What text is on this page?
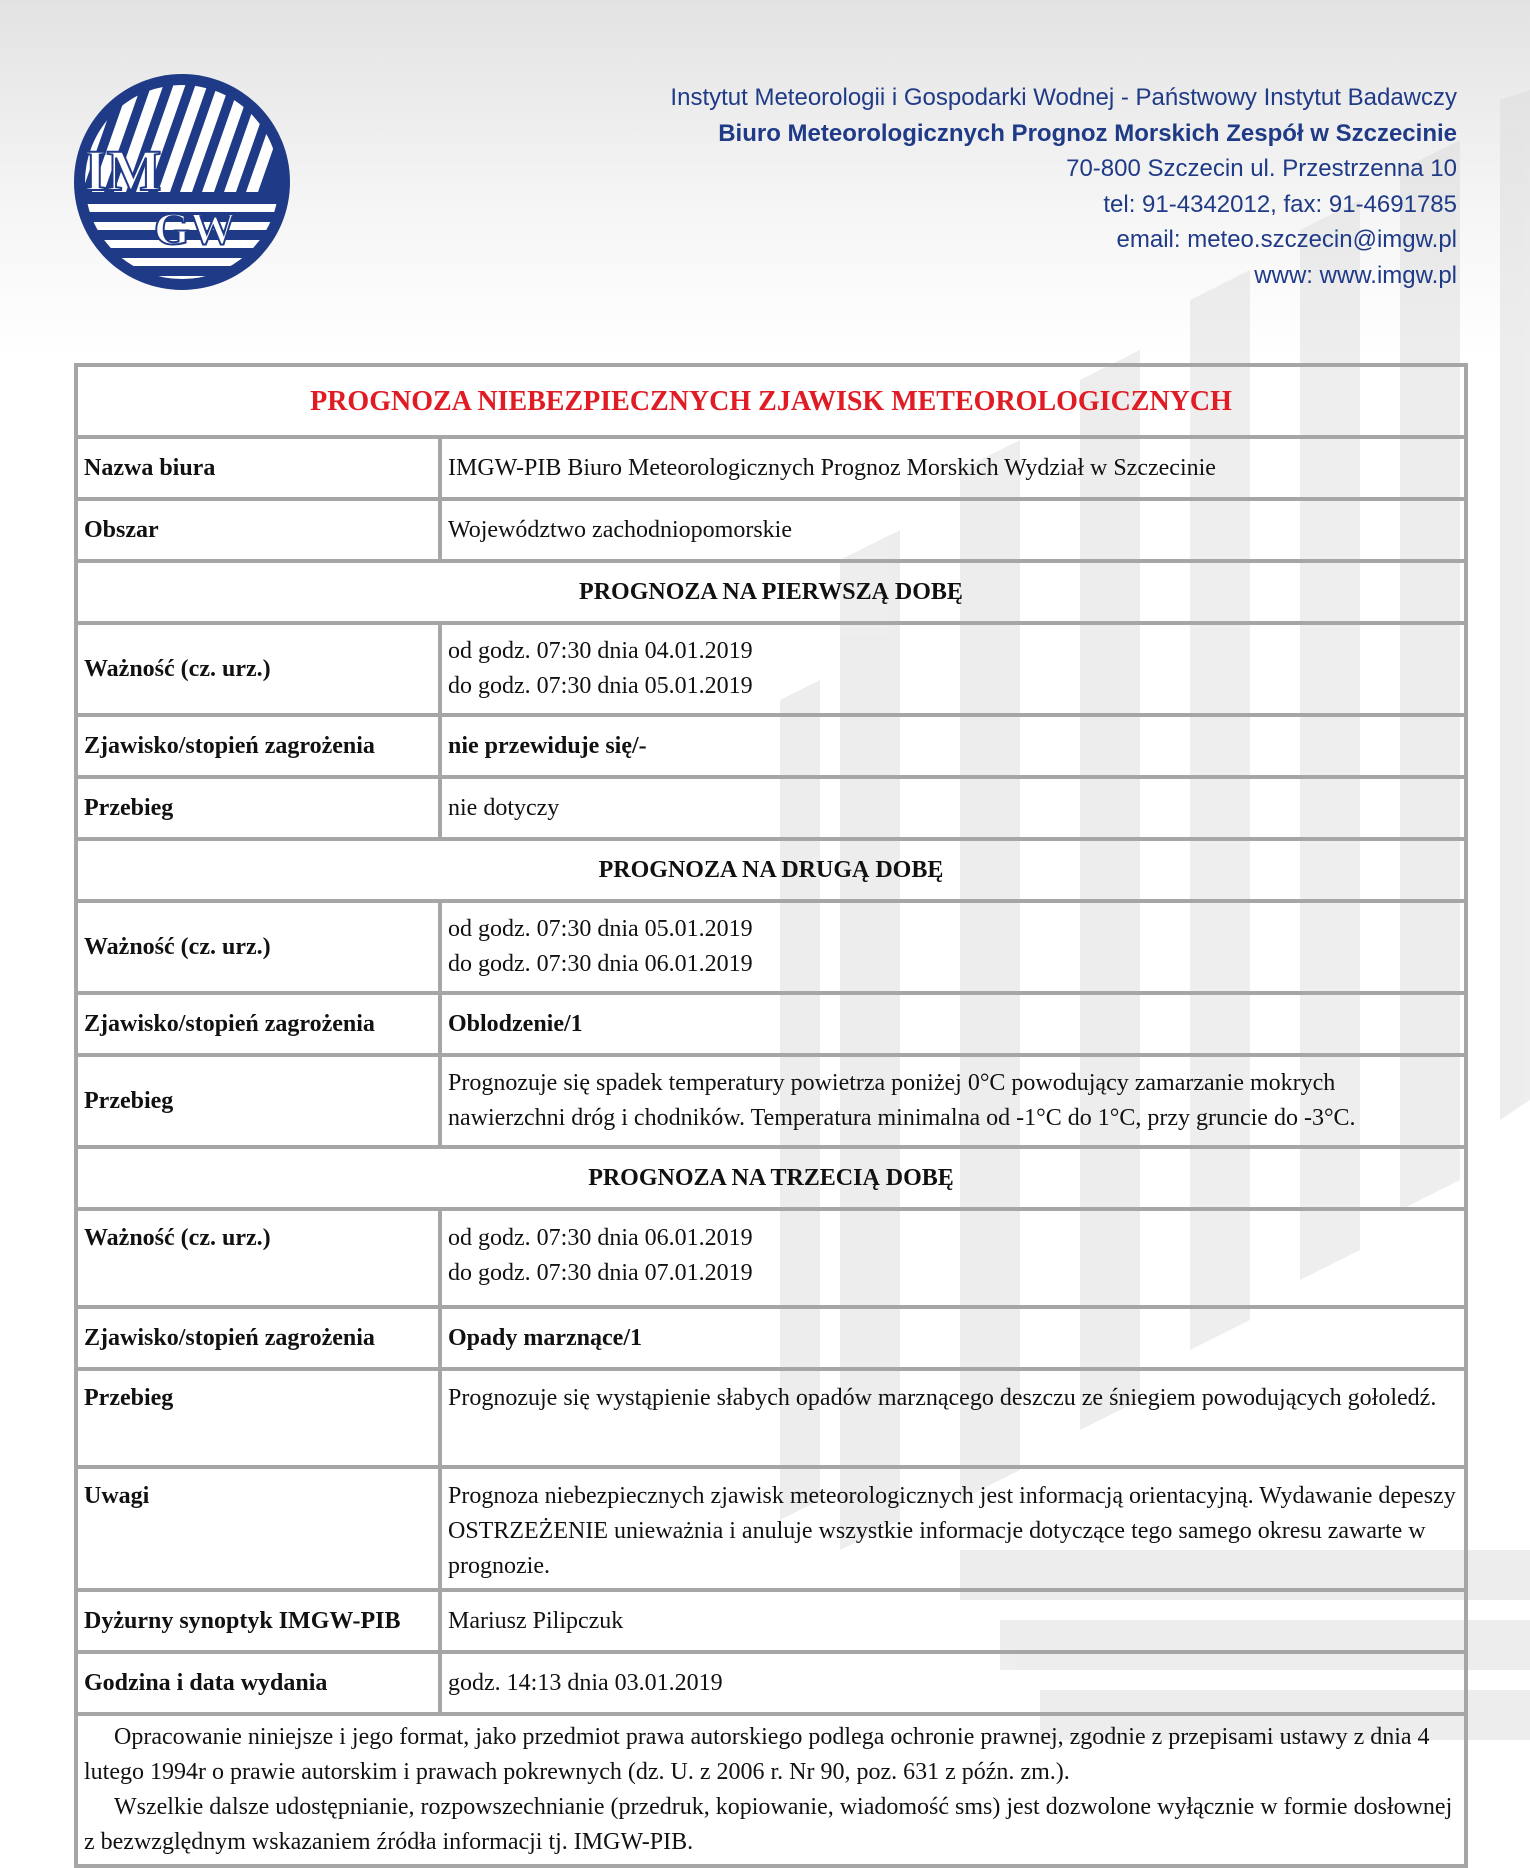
IM
GW
Instytut Meteorologii i Gospodarki Wodnej - Państwowy Instytut Badawczy
Biuro Meteorologicznych Prognoz Morskich Zespół w Szczecinie
70-800 Szczecin ul. Przestrzenna 10
tel: 91-4342012, fax: 91-4691785
email: meteo.szczecin@imgw.pl
www: www.imgw.pl
PROGNOZA NIEBEZPIECZNYCH ZJAWISK METEOROLOGICZNYCH	
Nazwa biura	IMGW-PIB Biuro Meteorologicznych Prognoz Morskich Wydział w Szczecinie
Obszar	Województwo zachodniopomorskie
PROGNOZA NA PIERWSZĄ DOBĘ	
Ważność (cz. urz.)	od godz. 07:30 dnia 04.01.2019
do godz. 07:30 dnia 05.01.2019

Zjawisko/stopień zagrożenia	nie przewiduje się/-
Przebieg	nie dotyczy
PROGNOZA NA DRUGĄ DOBĘ	
Ważność (cz. urz.)	od godz. 07:30 dnia 05.01.2019
do godz. 07:30 dnia 06.01.2019

Zjawisko/stopień zagrożenia	Oblodzenie/1
Przebieg	Prognozuje się spadek temperatury powietrza poniżej 0°C powodujący zamarzanie mokrych nawierzchni dróg i chodników. Temperatura minimalna od -1°C do 1°C, przy gruncie do -3°C.
PROGNOZA NA TRZECIĄ DOBĘ	
Ważność (cz. urz.)	od godz. 07:30 dnia 06.01.2019
do godz. 07:30 dnia 07.01.2019

Zjawisko/stopień zagrożenia	Opady marznące/1
Przebieg	Prognozuje się wystąpienie słabych opadów marznącego deszczu ze śniegiem powodujących gołoledź.
Uwagi	Prognoza niebezpiecznych zjawisk meteorologicznych jest informacją orientacyjną. Wydawanie depeszy OSTRZEŻENIE unieważnia i anuluje wszystkie informacje dotyczące tego samego okresu zawarte w prognozie.
Dyżurny synoptyk IMGW-PIB	Mariusz Pilipczuk
Godzina i data wydania	godz. 14:13 dnia 03.01.2019

Opracowanie niniejsze i jego format, jako przedmiot prawa autorskiego podlega ochronie prawnej, zgodnie z przepisami ustawy z dnia 4 lutego 1994r o prawie autorskim i prawach pokrewnych (dz. U. z 2006 r. Nr 90, poz. 631 z późn. zm.).

Wszelkie dalsze udostępnianie, rozpowszechnianie (przedruk, kopiowanie, wiadomość sms) jest dozwolone wyłącznie w formie dosłownej z bezwzględnym wskazaniem źródła informacji tj. IMGW-PIB.	
